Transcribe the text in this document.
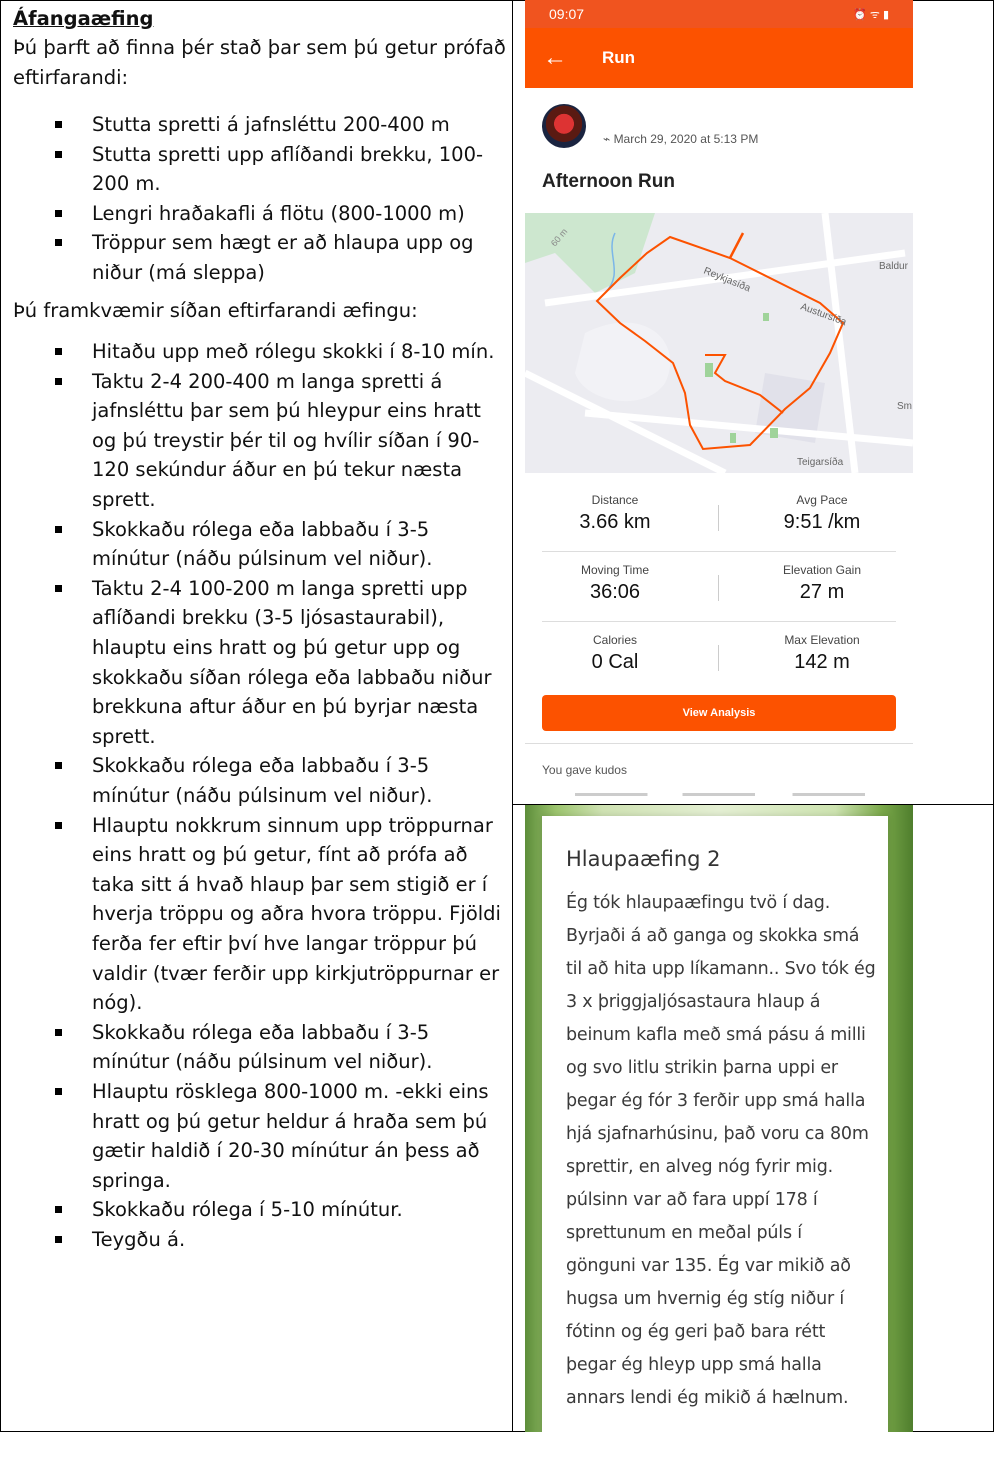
Áfangaæfing

Þú þarft að finna þér stað þar sem þú getur prófað eftirfarandi:

Stutta spretti á jafnsléttu 200-400 m
Stutta spretti upp aflíðandi brekku, 100-200 m.
Lengri hraðakafli á flötu (800-1000 m)
Tröppur sem hægt er að hlaupa upp og niður (má sleppa)

Þú framkvæmir síðan eftirfarandi æfingu:

Hitaðu upp með rólegu skokki í 8-10 mín.
Taktu 2-4 200-400 m langa spretti á jafnsléttu þar sem þú hleypur eins hratt og þú treystir þér til og hvílir síðan í 90-120 sekúndur áður en þú tekur næsta sprett.
Skokkaðu rólega eða labbaðu í 3-5 mínútur (náðu púlsinum vel niður).
Taktu 2-4 100-200 m langa spretti upp aflíðandi brekku (3-5 ljósastaurabil), hlauptu eins hratt og þú getur upp og skokkaðu síðan rólega eða labbaðu niður brekkuna aftur áður en þú byrjar næsta sprett.
Skokkaðu rólega eða labbaðu í 3-5 mínútur (náðu púlsinum vel niður).
Hlauptu nokkrum sinnum upp tröppurnar eins hratt og þú getur, fínt að prófa að taka sitt á hvað hlaup þar sem stigið er í hverja tröppu og aðra hvora tröppu. Fjöldi ferða fer eftir því hve langar tröppur þú valdir (tvær ferðir upp kirkjutröppurnar er nóg).
Skokkaðu rólega eða labbaðu í 3-5 mínútur (náðu púlsinum vel niður).
Hlauptu rösklega 800-1000 m. -ekki eins hratt og þú getur heldur á hraða sem þú gætir haldið í 20-30 mínútur án þess að springa.
Skokkaðu rólega í 5-10 mínútur.
Teygðu á.
09:07	⏰ ᯤ ▮
←	Run
⌁ March 29, 2020 at 5:13 PM
Afternoon Run
Reykjasíða
Austursíða
Teigarsíða
Baldur
Sm
60 m
Distance
3.66 km
Avg Pace
9:51 /km
Moving Time
36:06
Elevation Gain
27 m
Calories
0 Cal
Max Elevation
142 m
View Analysis
You gave kudos
Hlaupaæfing 2
Ég tók hlaupaæfingu tvö í dag. Byrjaði á að ganga og skokka smá til að hita upp líkamann.. Svo tók ég 3 x þriggjaljósastaura hlaup á beinum kafla með smá pásu á milli og svo litlu strikin þarna uppi er þegar ég fór 3 ferðir upp smá halla hjá sjafnarhúsinu, það voru ca 80m sprettir, en alveg nóg fyrir mig. púlsinn var að fara uppí 178 í sprettunum en meðal púls í gönguni var 135. Ég var mikið að hugsa um hvernig ég stíg niður í fótinn og ég geri það bara rétt þegar ég hleyp upp smá halla annars lendi ég mikið á hælnum.
